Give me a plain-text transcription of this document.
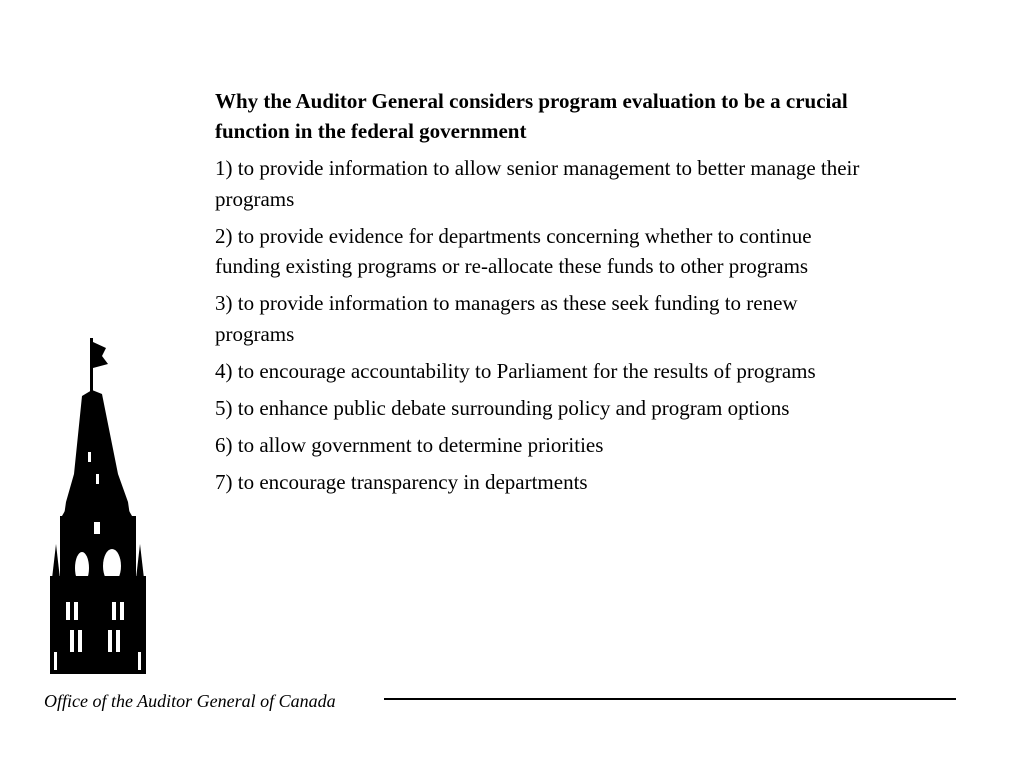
Why the Auditor General considers program evaluation to be a crucial function in the federal government
1) to provide information to allow senior management to better manage their programs
2) to provide evidence for departments concerning whether to continue funding existing programs or re-allocate these funds to other programs
3) to provide information to managers as these seek funding to renew programs
4) to encourage accountability to Parliament for the results of programs
5) to enhance public debate surrounding policy and program options
6) to allow government to determine priorities
7) to encourage transparency in departments
Office of the Auditor General of Canada
